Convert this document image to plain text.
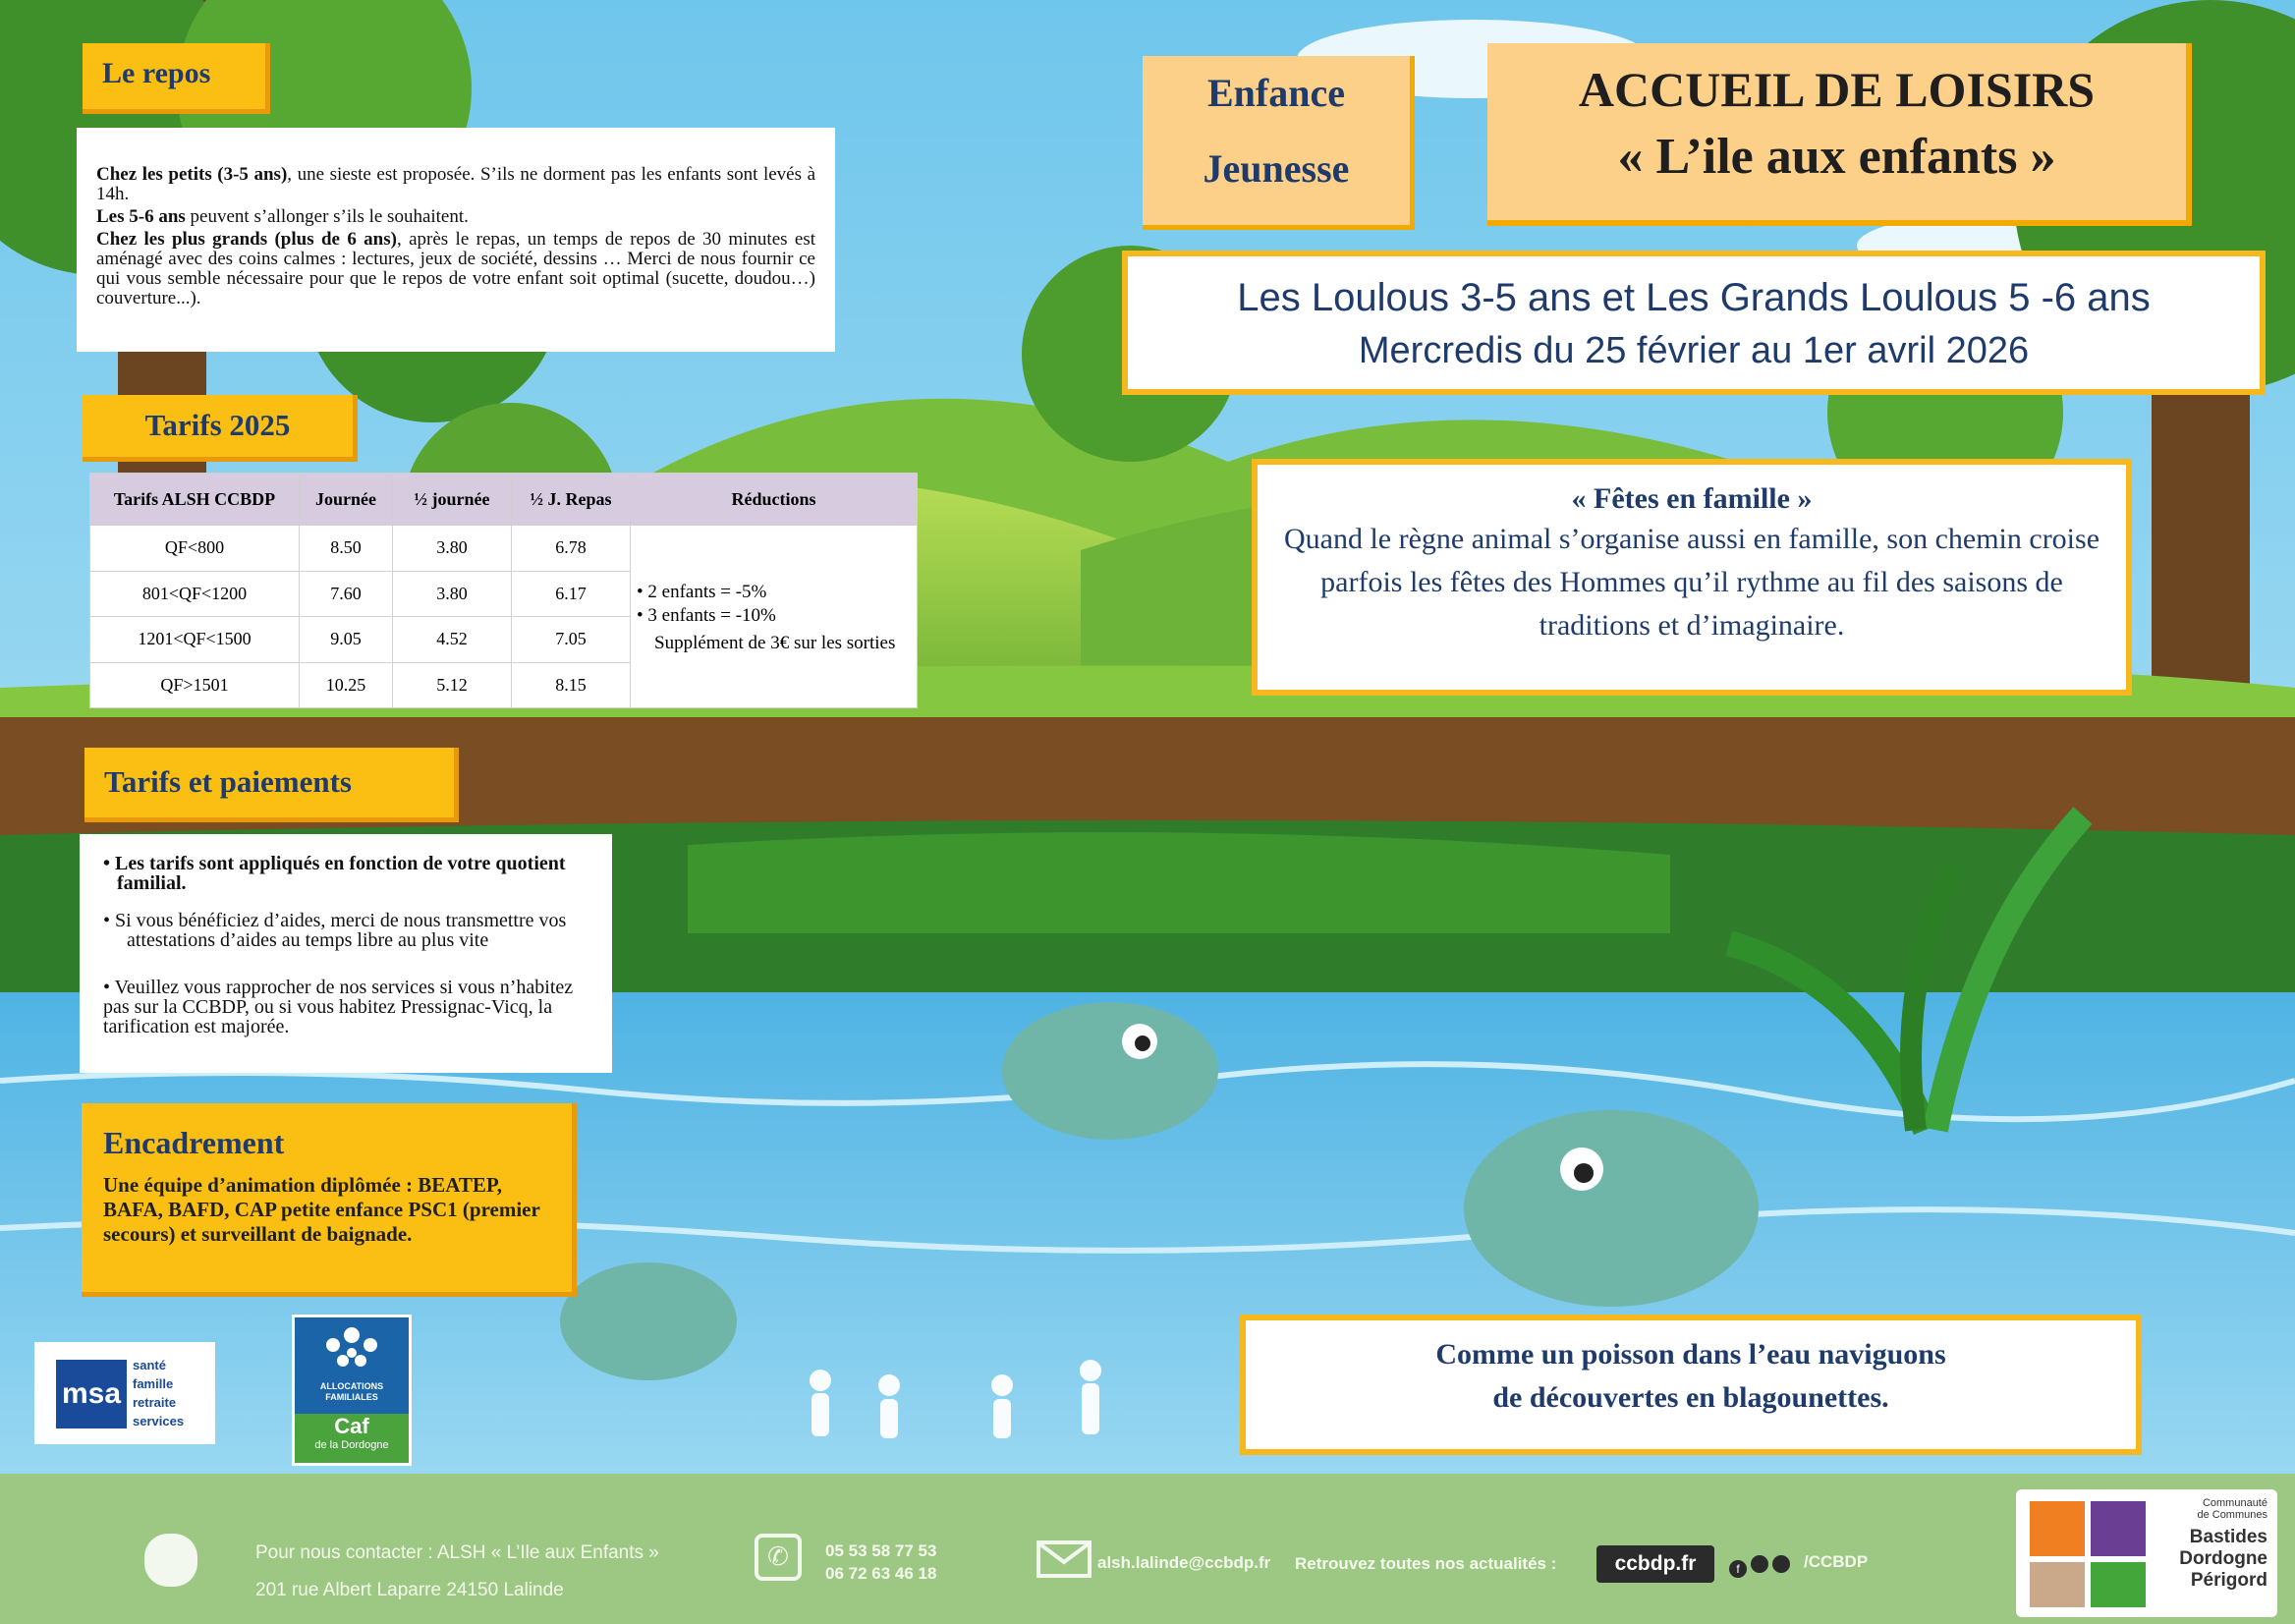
Enfance
Jeunesse
ACCUEIL DE LOISIRS
« L’ile aux enfants »
Les Loulous 3-5 ans et Les Grands Loulous 5 -6 ans
Mercredis du 25 février au 1er avril 2026
« Fêtes en famille »
Quand le règne animal s’organise aussi en famille, son chemin croise parfois les fêtes des Hommes qu’il rythme au fil des saisons de traditions et d’imaginaire.
Comme un poisson dans l’eau naviguons
de découvertes en blagounettes.
Le repos

Chez les petits (3-5 ans), une sieste est proposée. S’ils ne dorment pas les enfants sont levés à 14h.

Les 5-6 ans peuvent s’allonger s’ils le souhaitent.

Chez les plus grands (plus de 6 ans), après le repas, un temps de repos de 30 minutes est aménagé avec des coins calmes : lectures, jeux de société, dessins … Merci de nous fournir ce qui vous semble nécessaire pour que le repos de votre enfant soit optimal (sucette, doudou…) couverture...).

Tarifs 2025
Tarifs ALSH CCBDP	Journée	½ journée	½ J. Repas	Réductions
QF<800	8.50	3.80	6.78	• 2 enfants = -5%
• 3 enfants = -10%
Supplément de 3€ sur les sorties

801<QF<1200	7.60	3.80	6.17	
1201<QF<1500	9.05	4.52	7.05	
QF>1501	10.25	5.12	8.15	
Tarifs et paiements

• Les tarifs sont appliqués en fonction de votre quotient familial.

• Si vous bénéficiez d’aides, merci de nous transmettre vos attestations d’aides au temps libre au plus vite

• Veuillez vous rapprocher de nos services si vous n’habitez pas sur la CCBDP, ou si vous habitez Pressignac-Vicq, la tarification est majorée.

Encadrement
Une équipe d’animation diplômée : BEATEP, BAFA, BAFD, CAP petite enfance PSC1 (premier secours) et surveillant de baignade.
msa
santé
famille
retraite
services
ALLOCATIONS FAMILIALES
Caf
de la Dordogne
Pour nous contacter : ALSH « L’Ile aux Enfants »
201 rue Albert Laparre 24150 Lalinde
✆	05 53 58 77 53
06 72 63 46 18
alsh.lalinde@ccbdp.fr Retrouvez toutes nos actualités :	ccbdp.fr	f	/CCBDP
Communauté
de Communes
Bastides
Dordogne
Périgord
